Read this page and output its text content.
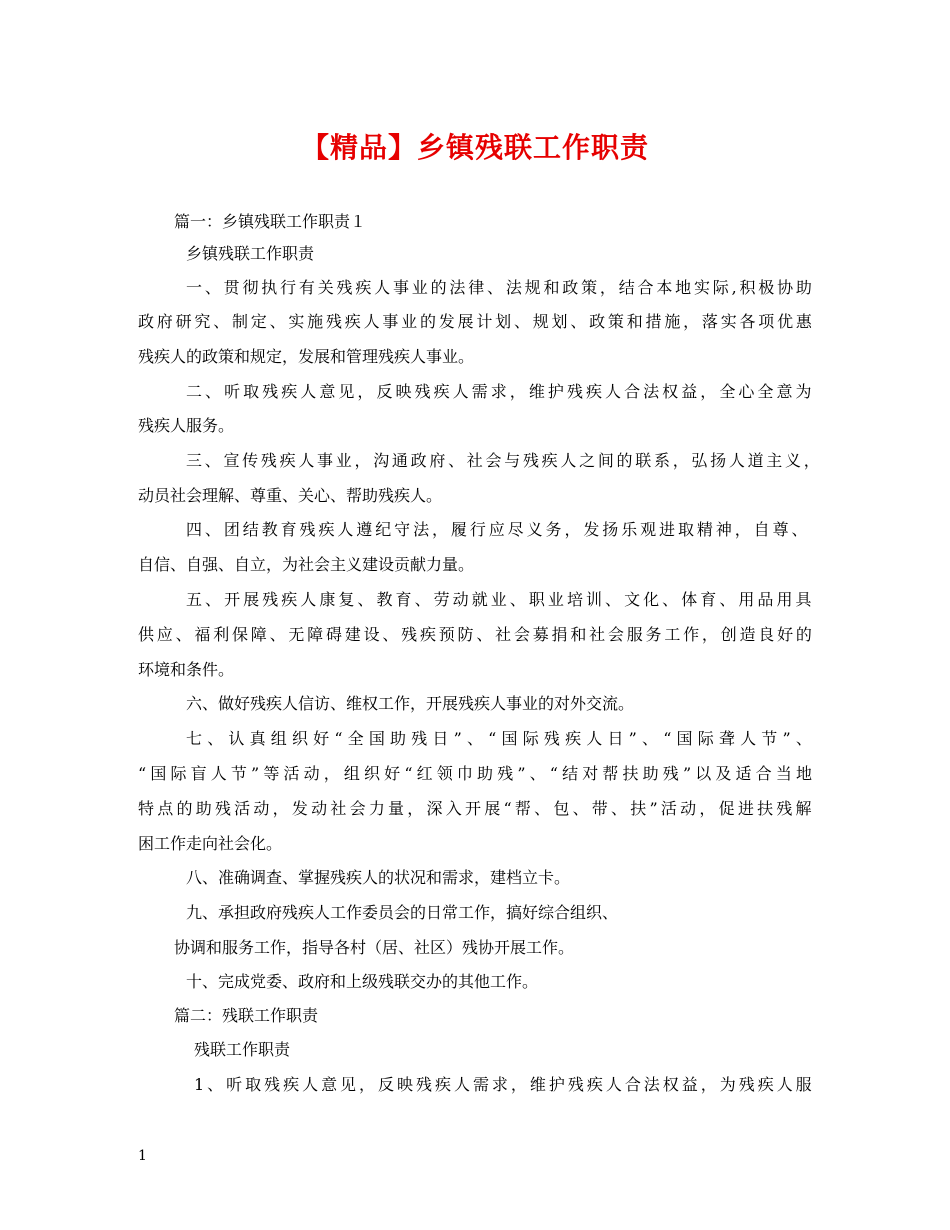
【精品】乡镇残联工作职责
篇一：乡镇残联工作职责１
乡镇残联工作职责
一 、 贯 彻 执 行 有 关 残 疾 人 事 业 的 法 律 、 法 规 和 政 策 ， 结 合 本 地 实 际 , 积 极 协 助
政 府 研 究 、 制 定 、 实 施 残 疾 人 事 业 的 发 展 计 划 、 规 划 、 政 策 和 措 施 ， 落 实 各 项 优 惠
残疾人的政策和规定，发展和管理残疾人事业。
二 、 听 取 残 疾 人 意 见 ， 反 映 残 疾 人 需 求 ， 维 护 残 疾 人 合 法 权 益 ， 全 心 全 意 为
残疾人服务。
三 、 宣 传 残 疾 人 事 业 ， 沟 通 政 府 、 社 会 与 残 疾 人 之 间 的 联 系 ， 弘 扬 人 道 主 义 ，
动员社会理解、尊重、关心、帮助残疾人。
四 、 团 结 教 育 残 疾 人 遵 纪 守 法 ， 履 行 应 尽 义 务 ， 发 扬 乐 观 进 取 精 神 ， 自 尊 、
自信、自强、自立，为社会主义建设贡献力量。
五 、 开 展 残 疾 人 康 复 、 教 育 、 劳 动 就 业 、 职 业 培 训 、 文 化 、 体 育 、 用 品 用 具
供 应 、 福 利 保 障 、 无 障 碍 建 设 、 残 疾 预 防 、 社 会 募 捐 和 社 会 服 务 工 作 ， 创 造 良 好 的
环境和条件。
六、做好残疾人信访、维权工作，开展残疾人事业的对外交流。
七 、 认 真 组 织 好 “ 全 国 助 残 日 ” 、 “ 国 际 残 疾 人 日 ” 、 “ 国 际 聋 人 节 ” 、
“ 国 际 盲 人 节 ” 等 活 动 ， 组 织 好 “ 红 领 巾 助 残 ” 、 “ 结 对 帮 扶 助 残 ” 以 及 适 合 当 地
特 点 的 助 残 活 动 ， 发 动 社 会 力 量 ， 深 入 开 展 “ 帮 、 包 、 带 、 扶 ” 活 动 ， 促 进 扶 残 解
困工作走向社会化。
八、准确调查、掌握残疾人的状况和需求，建档立卡。
九、承担政府残疾人工作委员会的日常工作，搞好综合组织、
协调和服务工作，指导各村（居、社区）残协开展工作。
十、完成党委、政府和上级残联交办的其他工作。
篇二：残联工作职责
残联工作职责
1 、 听 取 残 疾 人 意 见 ， 反 映 残 疾 人 需 求 ， 维 护 残 疾 人 合 法 权 益 ， 为 残 疾 人 服
1
